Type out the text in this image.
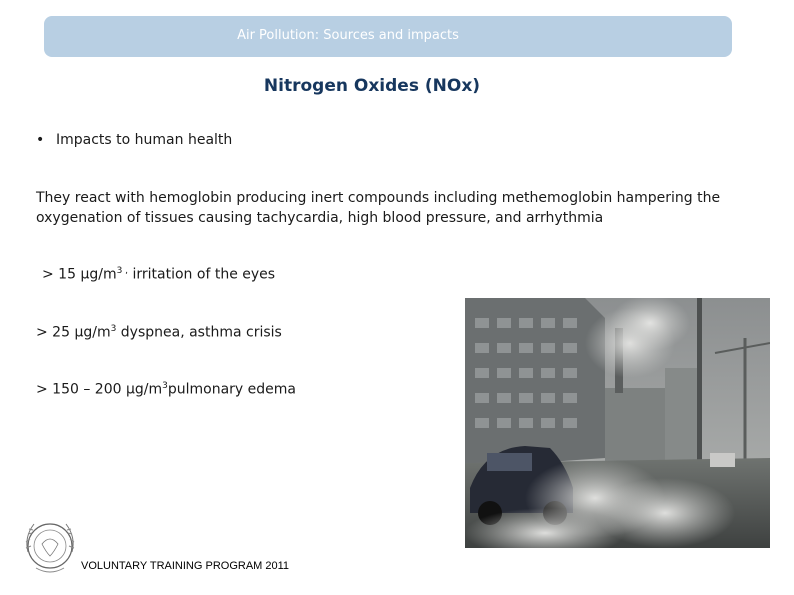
Air Pollution: Sources and impacts
Nitrogen Oxides (NOx)
• Impacts to human health
They react with hemoglobin producing inert compounds including methemoglobin hampering the oxygenation of tissues causing tachycardia, high blood pressure, and arrhythmia
> 15 $\mu g/m^{3 ,}$ irritation of the eyes
> 25 $\mu g/m^3$ dyspnea, asthma crisis
> 150 – 200 $\mu g/m^3pulmonary$ edema
VOLUNTARY TRAINING PROGRAM 2011
